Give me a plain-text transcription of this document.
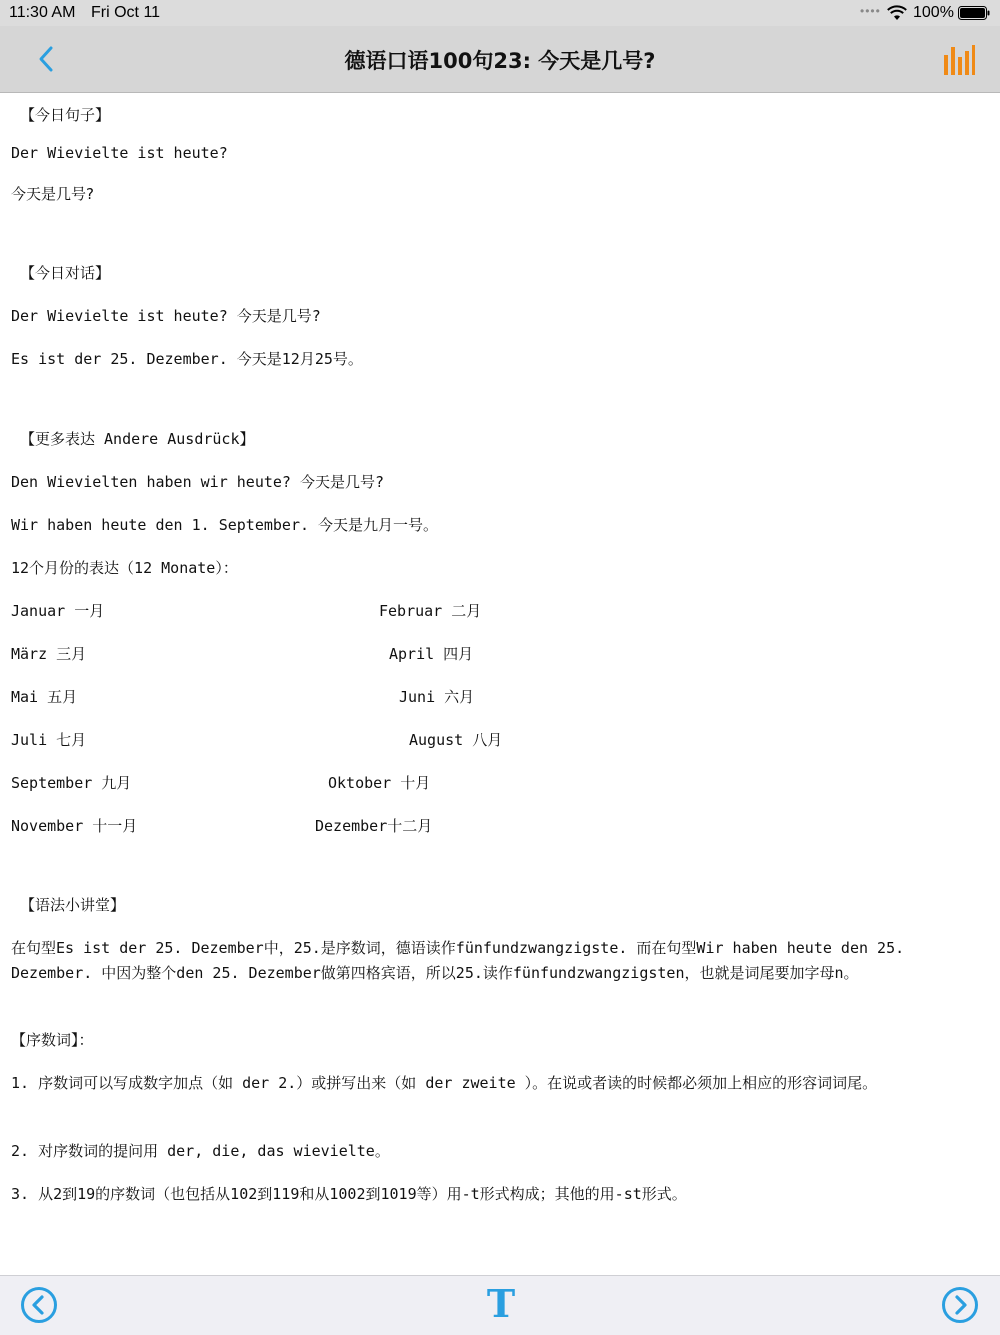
11:30 AM Fri Oct 11	•••• 100%
德语口语100句23: 今天是几号?
【今日句子】
Der Wievielte ist heute?
今天是几号?
【今日对话】
Der Wievielte ist heute? 今天是几号?
Es ist der 25. Dezember. 今天是12月25号。
【更多表达 Andere Ausdrück】
Den Wievielten haben wir heute? 今天是几号?
Wir haben heute den 1. September. 今天是九月一号。
12个月份的表达（12 Monate）：
Januar 一月	Februar 二月
März 三月	April 四月
Mai 五月	Juni 六月
Juli 七月	August 八月
September 九月	Oktober 十月
November 十一月	Dezember十二月
【语法小讲堂】
在句型Es ist der 25. Dezember中，25.是序数词，德语读作fünfundzwangzigste. 而在句型Wir haben heute den 25. Dezember. 中因为整个den 25. Dezember做第四格宾语，所以25.读作fünfundzwangzigsten，也就是词尾要加字母n。
【序数词】：
1. 序数词可以写成数字加点（如 der 2.）或拼写出来（如 der zweite ）。在说或者读的时候都必须加上相应的形容词词尾。
2. 对序数词的提问用 der, die, das wievielte。
3. 从2到19的序数词（也包括从102到119和从1002到1019等）用-t形式构成；其他的用-st形式。
T
